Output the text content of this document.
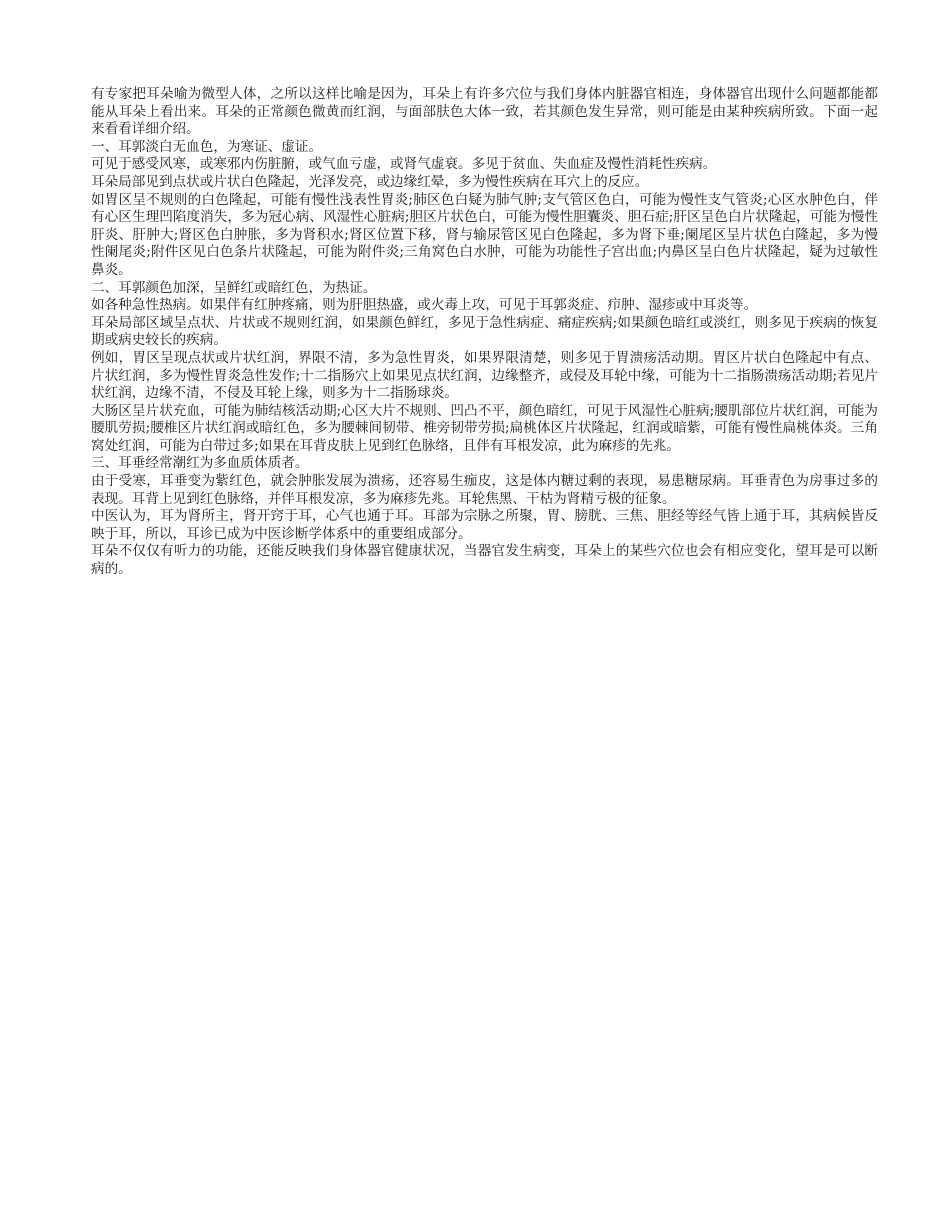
有专家把耳朵喻为微型人体，之所以这样比喻是因为，耳朵上有许多穴位与我们身体内脏器官相连，身体器官出现什么问题都能都能从耳朵上看出来。耳朵的正常颜色微黄而红润，与面部肤色大体一致，若其颜色发生异常，则可能是由某种疾病所致。下面一起来看看详细介绍。

一、耳郭淡白无血色，为寒证、虚证。

可见于感受风寒，或寒邪内伤脏腑，或气血亏虚，或肾气虚衰。多见于贫血、失血症及慢性消耗性疾病。

耳朵局部见到点状或片状白色隆起，光泽发亮，或边缘红晕，多为慢性疾病在耳穴上的反应。

如胃区呈不规则的白色隆起，可能有慢性浅表性胃炎;肺区色白疑为肺气肿;支气管区色白，可能为慢性支气管炎;心区水肿色白，伴有心区生理凹陷度消失，多为冠心病、风湿性心脏病;胆区片状色白，可能为慢性胆囊炎、胆石症;肝区呈色白片状隆起，可能为慢性肝炎、肝肿大;肾区色白肿胀，多为肾积水;肾区位置下移，肾与输尿管区见白色隆起，多为肾下垂;阑尾区呈片状色白隆起，多为慢性阑尾炎;附件区见白色条片状隆起，可能为附件炎;三角窝色白水肿，可能为功能性子宫出血;内鼻区呈白色片状隆起，疑为过敏性鼻炎。

二、耳郭颜色加深，呈鲜红或暗红色，为热证。

如各种急性热病。如果伴有红肿疼痛，则为肝胆热盛，或火毒上攻，可见于耳郭炎症、疖肿、湿疹或中耳炎等。

耳朵局部区域呈点状、片状或不规则红润，如果颜色鲜红，多见于急性病症、痛症疾病;如果颜色暗红或淡红，则多见于疾病的恢复期或病史较长的疾病。

例如，胃区呈现点状或片状红润，界限不清，多为急性胃炎，如果界限清楚，则多见于胃溃疡活动期。胃区片状白色隆起中有点、片状红润，多为慢性胃炎急性发作;十二指肠穴上如果见点状红润，边缘整齐，或侵及耳轮中缘，可能为十二指肠溃疡活动期;若见片状红润，边缘不清，不侵及耳轮上缘，则多为十二指肠球炎。

大肠区呈片状充血，可能为肺结核活动期;心区大片不规则、凹凸不平，颜色暗红，可见于风湿性心脏病;腰肌部位片状红润，可能为腰肌劳损;腰椎区片状红润或暗红色，多为腰棘间韧带、椎旁韧带劳损;扁桃体区片状隆起，红润或暗紫，可能有慢性扁桃体炎。三角窝处红润，可能为白带过多;如果在耳背皮肤上见到红色脉络，且伴有耳根发凉，此为麻疹的先兆。

三、耳垂经常潮红为多血质体质者。

由于受寒，耳垂变为紫红色，就会肿胀发展为溃疡，还容易生痂皮，这是体内糖过剩的表现，易患糖尿病。耳垂青色为房事过多的表现。耳背上见到红色脉络，并伴耳根发凉，多为麻疹先兆。耳轮焦黑、干枯为肾精亏极的征象。

中医认为，耳为肾所主，肾开窍于耳，心气也通于耳。耳部为宗脉之所聚，胃、膀胱、三焦、胆经等经气皆上通于耳，其病候皆反映于耳，所以，耳诊已成为中医诊断学体系中的重要组成部分。

耳朵不仅仅有听力的功能，还能反映我们身体器官健康状况，当器官发生病变，耳朵上的某些穴位也会有相应变化，望耳是可以断病的。
